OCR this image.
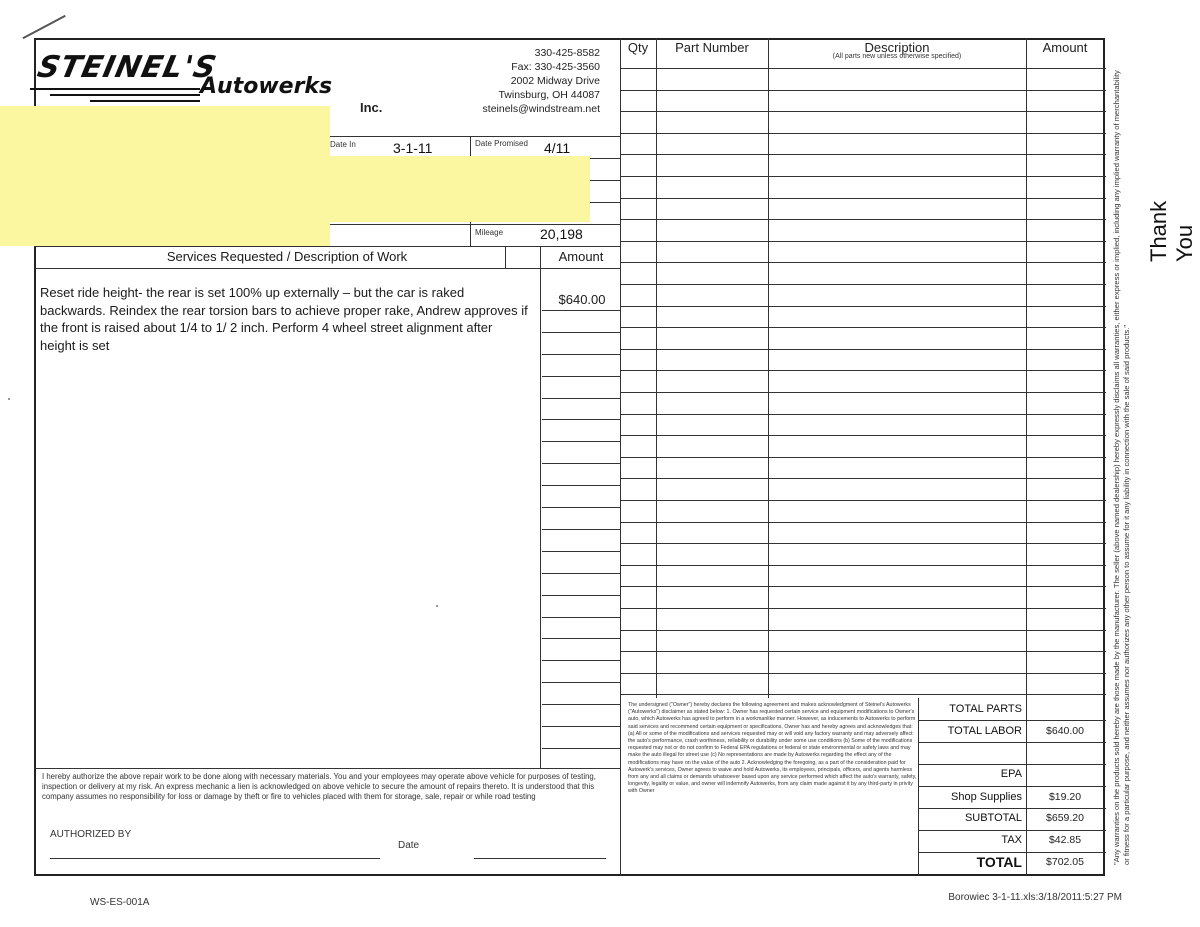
STEINEL'S
Autowerks
Inc.
330-425-8582
Fax: 330-425-3560
2002 Midway Drive
Twinsburg, OH 44087
steinels@windstream.net
Date In	3-1-11	Date Promised 4/11
Mileage	20,198
Services Requested / Description of Work	Amount
Reset ride height- the rear is set 100% up externally – but the car is raked backwards. Reindex the rear torsion bars to achieve proper rake, Andrew approves if the front is raised about 1/4 to 1/ 2 inch. Perform 4 wheel street alignment after height is set
$640.00
I hereby authorize the above repair work to be done along with necessary materials. You and your employees may operate above vehicle for purposes of testing, inspection or delivery at my risk. An express mechanic a lien is acknowledged on above vehicle to secure the amount of repairs thereto. It is understood that this company assumes no responsibility for loss or damage by theft or fire to vehicles placed with them for storage, sale, repair or while road testing
AUTHORIZED BY
Date
Qty	Part Number	Description
(All parts new unless otherwise specified)
Amount
The undersigned ("Owner") hereby declares the following agreement and makes acknowledgment of Steinel's Autowerks ("Autowerks") disclaimer as stated below: 1. Owner has requested certain service and equipment modifications to Owner's auto, which Autowerks has agreed to perform in a workmanlike manner. However, as inducements to Autowerks to perform said services and recommend certain equipment or specifications, Owner has and hereby agrees and acknowledges that: (a) All or some of the modifications and services requested may or will void any factory warranty and may adversely affect the auto's performance, crash worthiness, reliability or durability under some use conditions (b) Some of the modifications requested may not or do not confirm to Federal EPA regulations or federal or state environmental or safety laws and may make the auto illegal for street use (c) No representations are made by Autowerks regarding the effect any of the modifications may have on the value of the auto 2. Acknowledging the foregoing, as a part of the consideration paid for Autowerk's services, Owner agrees to waive and hold Autowerks, its employees, principals, officers, and agents harmless from any and all claims or demands whatsoever based upon any service performed which affect the auto's warranty, safety, longevity, legality or value, and owner will indemnify Autowerks, from any claim made against it by any third-party in privity with Owner
TOTAL PARTS
TOTAL LABOR	$640.00
EPA
Shop Supplies	$19.20
SUBTOTAL	$659.20
TAX	$42.85
TOTAL	$702.05	"Any warranties on the products sold hereby are those made by the manufacturer. The seller (above named dealership) hereby expressly disclaims all warranties, either express or implied, including any implied warranty of merchantability or fitness for a particular purpose, and neither assumes nor authorizes any other person to assume for it any liability in connection with the sale of said products."
Thank You
WS-ES-001A	Borowiec 3-1-11.xls:3/18/2011:5:27 PM
